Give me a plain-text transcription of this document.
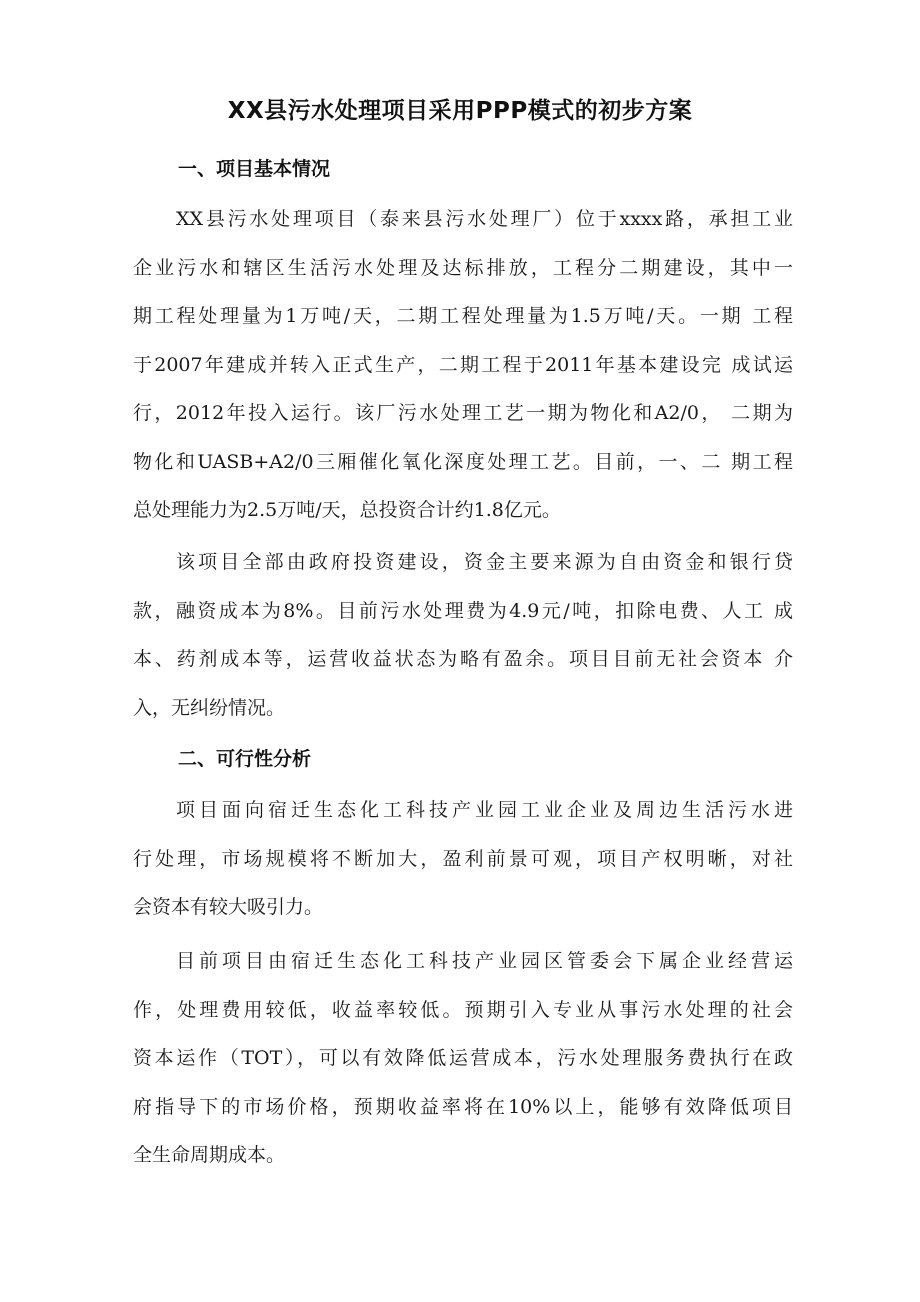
XX县污水处理项目采用PPP模式的初步方案
一、项目基本情况
XX县污水处理项目（泰来县污水处理厂）位于xxxx路，承担工业
企业污水和辖区生活污水处理及达标排放，工程分二期建设，其中一
期工程处理量为1万吨/天，二期工程处理量为1.5万吨/天。一期 工程
于2007年建成并转入正式生产，二期工程于2011年基本建设完 成试运
行，2012年投入运行。该厂污水处理工艺一期为物化和A2/0， 二期为
物化和UASB+A2/0三厢催化氧化深度处理工艺。目前，一、二 期工程
总处理能力为2.5万吨/天，总投资合计约1.8亿元。
该项目全部由政府投资建设，资金主要来源为自由资金和银行贷
款，融资成本为8%。目前污水处理费为4.9元/吨，扣除电费、人工 成
本、药剂成本等，运营收益状态为略有盈余。项目目前无社会资本 介
入，无纠纷情况。
二、可行性分析
项目面向宿迁生态化工科技产业园工业企业及周边生活污水进
行处理，市场规模将不断加大，盈利前景可观，项目产权明晰，对社
会资本有较大吸引力。
目前项目由宿迁生态化工科技产业园区管委会下属企业经营运
作，处理费用较低，收益率较低。预期引入专业从事污水处理的社会
资本运作（TOT），可以有效降低运营成本，污水处理服务费执行在政
府指导下的市场价格，预期收益率将在10%以上，能够有效降低项目
全生命周期成本。
